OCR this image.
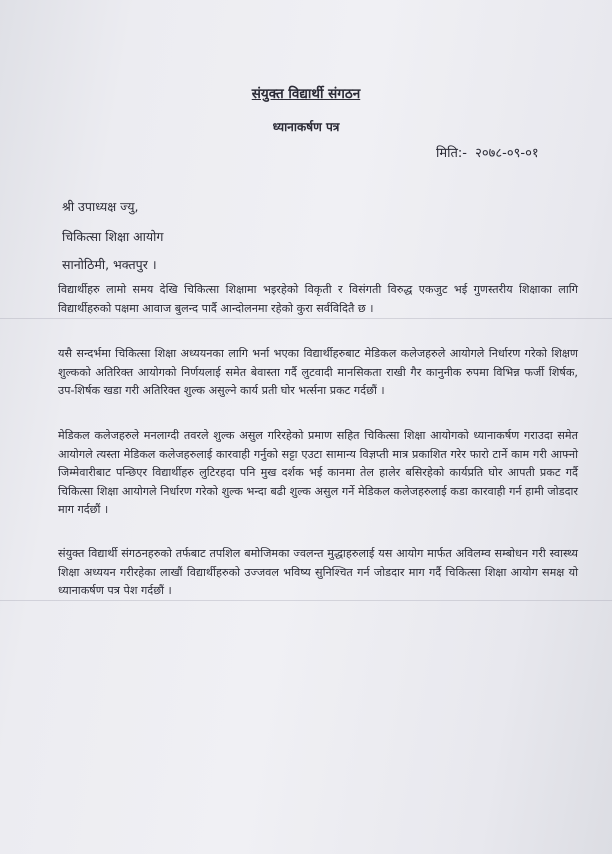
संयुक्त विद्यार्थी संगठन
ध्यानाकर्षण पत्र
मिति:- २०७८-०९-०१
श्री उपाध्यक्ष ज्यु,
चिकित्सा शिक्षा आयोग
सानोठिमी, भक्तपुर ।

विद्यार्थीहरु लामो समय देखि चिकित्सा शिक्षामा भइरहेको विकृती र विसंगती विरुद्ध एकजुट भई गुणस्तरीय शिक्षाका लागि विद्यार्थीहरुको पक्षमा आवाज बुलन्द पार्दै आन्दोलनमा रहेको कुरा सर्वविदितै छ ।

यसै सन्दर्भमा चिकित्सा शिक्षा अध्ययनका लागि भर्ना भएका विद्यार्थीहरुबाट मेडिकल कलेजहरुले आयोगले निर्धारण गरेको शिक्षण शुल्कको अतिरिक्त आयोगको निर्णयलाई समेत बेवास्ता गर्दै लुटवादी मानसिकता राखी गैर कानुनीक रुपमा विभिन्न फर्जी शिर्षक, उप-शिर्षक खडा गरी अतिरिक्त शुल्क असुल्ने कार्य प्रती घोर भर्त्सना प्रकट गर्दछौं ।

मेडिकल कलेजहरुले मनलाग्दी तवरले शुल्क असुल गरिरहेको प्रमाण सहित चिकित्सा शिक्षा आयोगको ध्यानाकर्षण गराउदा समेत आयोगले त्यस्ता मेडिकल कलेजहरुलाई कारवाही गर्नुको सट्टा एउटा सामान्य विज्ञप्ती मात्र प्रकाशित गरेर फारो टार्ने काम गरी आफ्नो जिम्मेवारीबाट पन्छिएर विद्यार्थीहरु लुटिरहदा पनि मुख दर्शक भई कानमा तेल हालेर बसिरहेको कार्यप्रति घोर आपती प्रकट गर्दै चिकित्सा शिक्षा आयोगले निर्धारण गरेको शुल्क भन्दा बढी शुल्क असुल गर्ने मेडिकल कलेजहरुलाई कडा कारवाही गर्न हामी जोडदार माग गर्दछौं ।

संयुक्त विद्यार्थी संगठनहरुको तर्फबाट तपशिल बमोजिमका ज्वलन्त मुद्धाहरुलाई यस आयोग मार्फत अविलम्व सम्बोधन गरी स्वास्थ्य शिक्षा अध्ययन गरीरहेका लाखौं विद्यार्थीहरुको उज्जवल भविष्य सुनिश्चित गर्न जोडदार माग गर्दै चिकित्सा शिक्षा आयोग समक्ष यो ध्यानाकर्षण पत्र पेश गर्दछौं ।
